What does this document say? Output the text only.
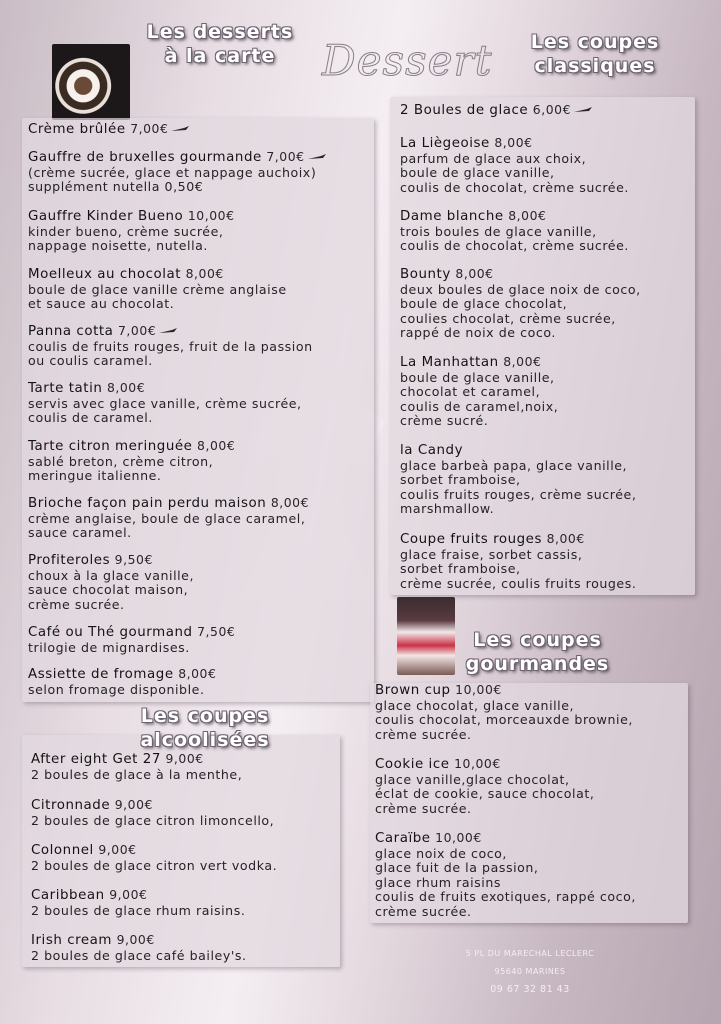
Les desserts
à la carte	Dessert	Les coupes
classiques
Crème brûlée 7,00€
Gauffre de bruxelles gourmande 7,00€
(crème sucrée, glace et nappage auchoix)
supplément nutella 0,50€
Gauffre Kinder Bueno 10,00€
kinder bueno, crème sucrée,
nappage noisette, nutella.
Moelleux au chocolat 8,00€
boule de glace vanille crème anglaise
et sauce au chocolat.
Panna cotta 7,00€
coulis de fruits rouges, fruit de la passion
ou coulis caramel.
Tarte tatin 8,00€
servis avec glace vanille, crème sucrée,
coulis de caramel.
Tarte citron meringuée 8,00€
sablé breton, crème citron,
meringue italienne.
Brioche façon pain perdu maison 8,00€
crème anglaise, boule de glace caramel,
sauce caramel.
Profiteroles 9,50€
choux à la glace vanille,
sauce chocolat maison,
crème sucrée.
Café ou Thé gourmand 7,50€
trilogie de mignardises.
Assiette de fromage 8,00€
selon fromage disponible.
Les coupes
alcoolisées
After eight Get 27 9,00€
2 boules de glace à la menthe,
Citronnade 9,00€
2 boules de glace citron limoncello,
Colonnel 9,00€
2 boules de glace citron vert vodka.
Caribbean 9,00€
2 boules de glace rhum raisins.
Irish cream 9,00€
2 boules de glace café bailey's.
2 Boules de glace 6,00€
La Liègeoise 8,00€
parfum de glace aux choix,
boule de glace vanille,
coulis de chocolat, crème sucrée.
Dame blanche 8,00€
trois boules de glace vanille,
coulis de chocolat, crème sucrée.
Bounty 8,00€
deux boules de glace noix de coco,
boule de glace chocolat,
coulies chocolat, crème sucrée,
rappé de noix de coco.
La Manhattan 8,00€
boule de glace vanille,
chocolat et caramel,
coulis de caramel,noix,
crème sucré.
la Candy
glace barbeà papa, glace vanille,
sorbet framboise,
coulis fruits rouges, crème sucrée,
marshmallow.
Coupe fruits rouges 8,00€
glace fraise, sorbet cassis,
sorbet framboise,
crème sucrée, coulis fruits rouges.
Les coupes
gourmandes
Brown cup 10,00€
glace chocolat, glace vanille,
coulis chocolat, morceauxde brownie,
crème sucrée.
Cookie ice 10,00€
glace vanille,glace chocolat,
éclat de cookie, sauce chocolat,
crème sucrée.
Caraïbe 10,00€
glace noix de coco,
glace fuit de la passion,
glace rhum raisins
coulis de fruits exotiques, rappé coco,
crème sucrée.
5 PL DU MARECHAL LECLERC
95640 MARINES
09 67 32 81 43
